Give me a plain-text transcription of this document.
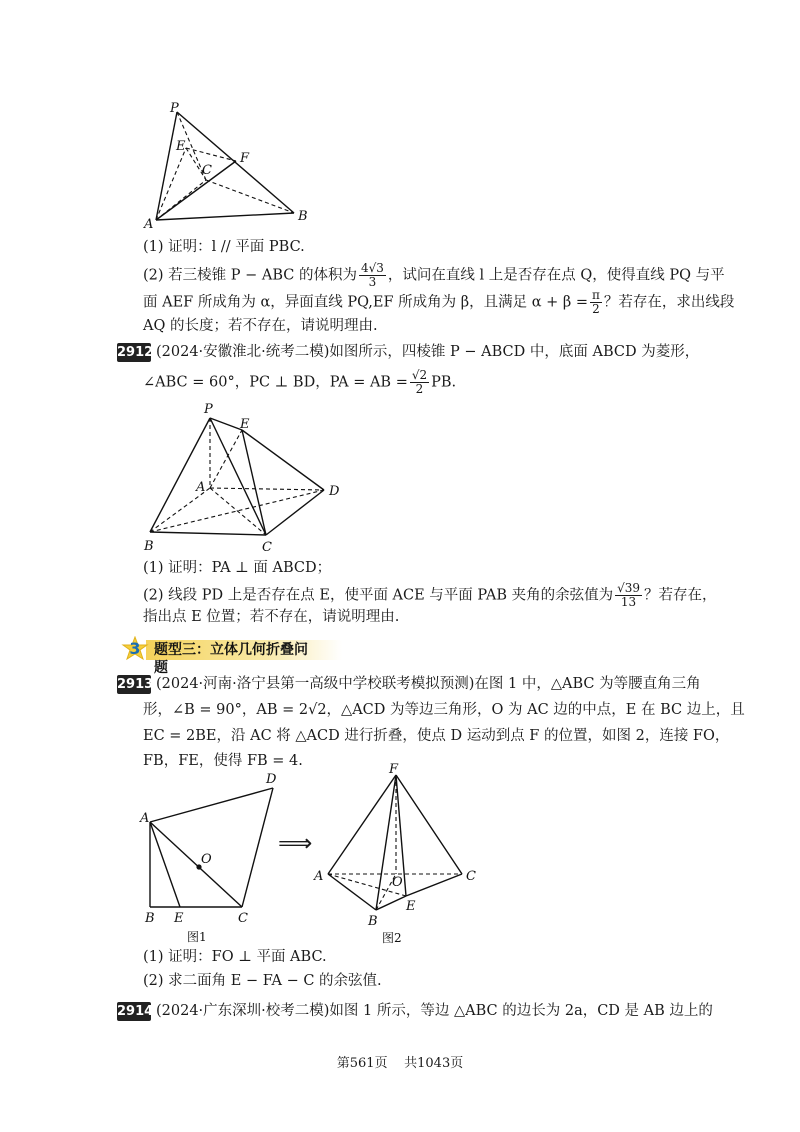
P
E
F
C
A
B
(1) 证明：l // 平面 PBC.
(2) 若三棱锥 P − ABC 的体积为 $\frac{4√3}{3}$ ，试问在直线 l 上是否存在点 Q，使得直线 PQ 与平
面 AEF 所成角为 α，异面直线 PQ,EF 所成角为 β，且满足 $\alpha + \beta = \frac{\pi}{2}$ ？若存在，求出线段
AQ 的长度；若不存在，请说明理由.
2912 (2024·安徽淮北·统考二模)如图所示，四棱锥 P − ABCD 中，底面 ABCD 为菱形，
∠ABC = 60°，PC ⊥ BD，PA = AB = $\frac{√2}{2}$ PB.
P
E
A	D
B	C
(1) 证明：PA ⊥ 面 ABCD；
(2) 线段 PD 上是否存在点 E，使平面 ACE 与平面 PAB 夹角的余弦值为 $\frac{√39}{13}$ ？若存在，
指出点 E 位置；若不存在，请说明理由.
3 题型三：立体几何折叠问题
2913 (2024·河南·洛宁县第一高级中学校联考模拟预测)在图 1 中，△ABC 为等腰直角三角
形，∠B = 90°，AB = 2√2，△ACD 为等边三角形，O 为 AC 边的中点，E 在 BC 边上，且
EC = 2BE，沿 AC 将 △ACD 进行折叠，使点 D 运动到点 F 的位置，如图 2，连接 FO，
FB，FE，使得 FB = 4.
D
A
O
B E	C
图1
⟹
F
A	O	C
B
E
图2
(1) 证明：FO ⊥ 平面 ABC.
(2) 求二面角 E − FA − C 的余弦值.
2914 (2024·广东深圳·校考二模)如图 1 所示，等边 △ABC 的边长为 2a，CD 是 AB 边上的
第561页 共1043页
